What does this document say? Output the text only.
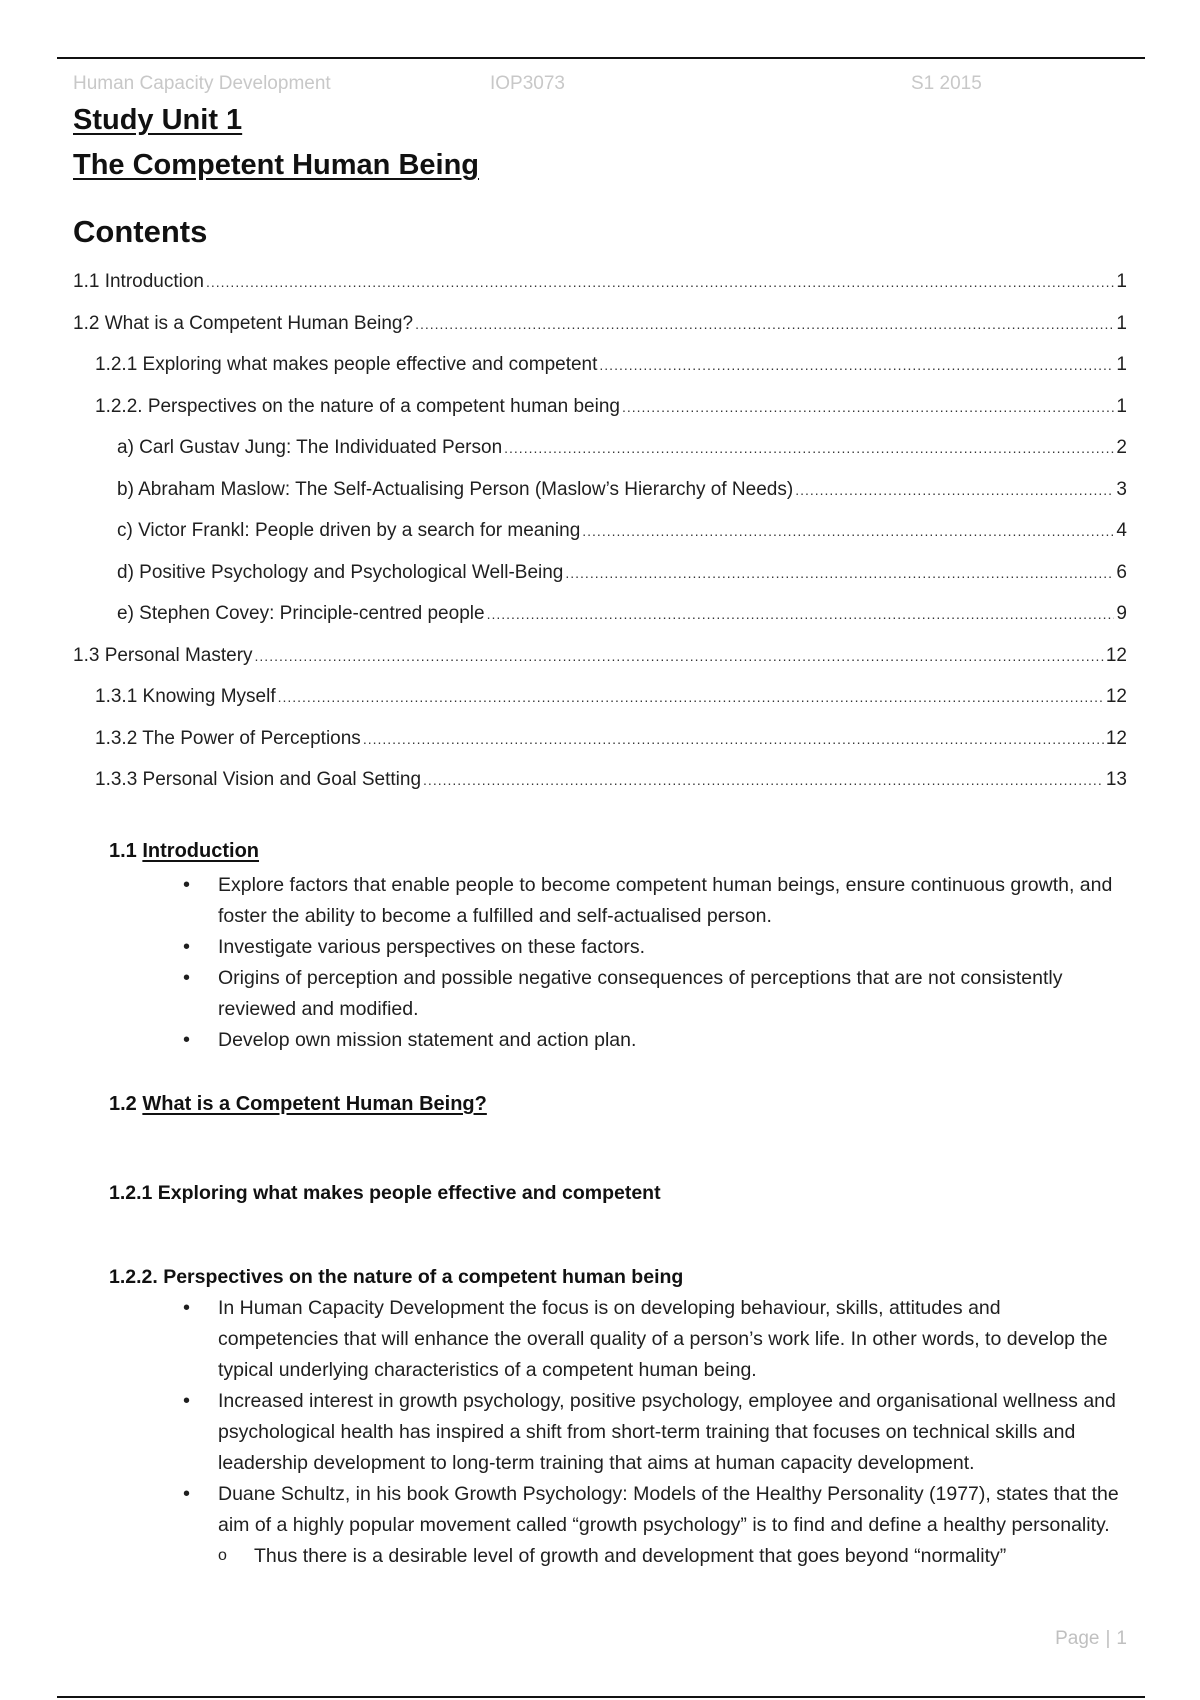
Human Capacity Development	IOP3073	S1 2015
Study Unit 1
The Competent Human Being
Contents
1.1 Introduction .....	1
1.2 What is a Competent Human Being? .....	1
1.2.1 Exploring what makes people effective and competent .....	1
1.2.2. Perspectives on the nature of a competent human being .....	1
a) Carl Gustav Jung: The Individuated Person .....	2
b) Abraham Maslow: The Self-Actualising Person (Maslow’s Hierarchy of Needs) .....	3
c) Victor Frankl: People driven by a search for meaning .....	4
d) Positive Psychology and Psychological Well-Being .....	6
e) Stephen Covey: Principle-centred people .....	9
1.3 Personal Mastery .....	12
1.3.1 Knowing Myself .....	12
1.3.2 The Power of Perceptions .....	12
1.3.3 Personal Vision and Goal Setting .....	13
1.1 Introduction
• Explore factors that enable people to become competent human beings, ensure continuous growth, and foster the ability to become a fulfilled and self-actualised person.
• Investigate various perspectives on these factors.
• Origins of perception and possible negative consequences of perceptions that are not consistently reviewed and modified.
• Develop own mission statement and action plan.
1.2 What is a Competent Human Being?
1.2.1 Exploring what makes people effective and competent
1.2.2. Perspectives on the nature of a competent human being
• In Human Capacity Development the focus is on developing behaviour, skills, attitudes and competencies that will enhance the overall quality of a person’s work life. In other words, to develop the typical underlying characteristics of a competent human being.
• Increased interest in growth psychology, positive psychology, employee and organisational wellness and psychological health has inspired a shift from short-term training that focuses on technical skills and leadership development to long-term training that aims at human capacity development.
• Duane Schultz, in his book Growth Psychology: Models of the Healthy Personality (1977), states that the aim of a highly popular movement called “growth psychology” is to find and define a healthy personality.
o Thus there is a desirable level of growth and development that goes beyond “normality”
Page | 1
